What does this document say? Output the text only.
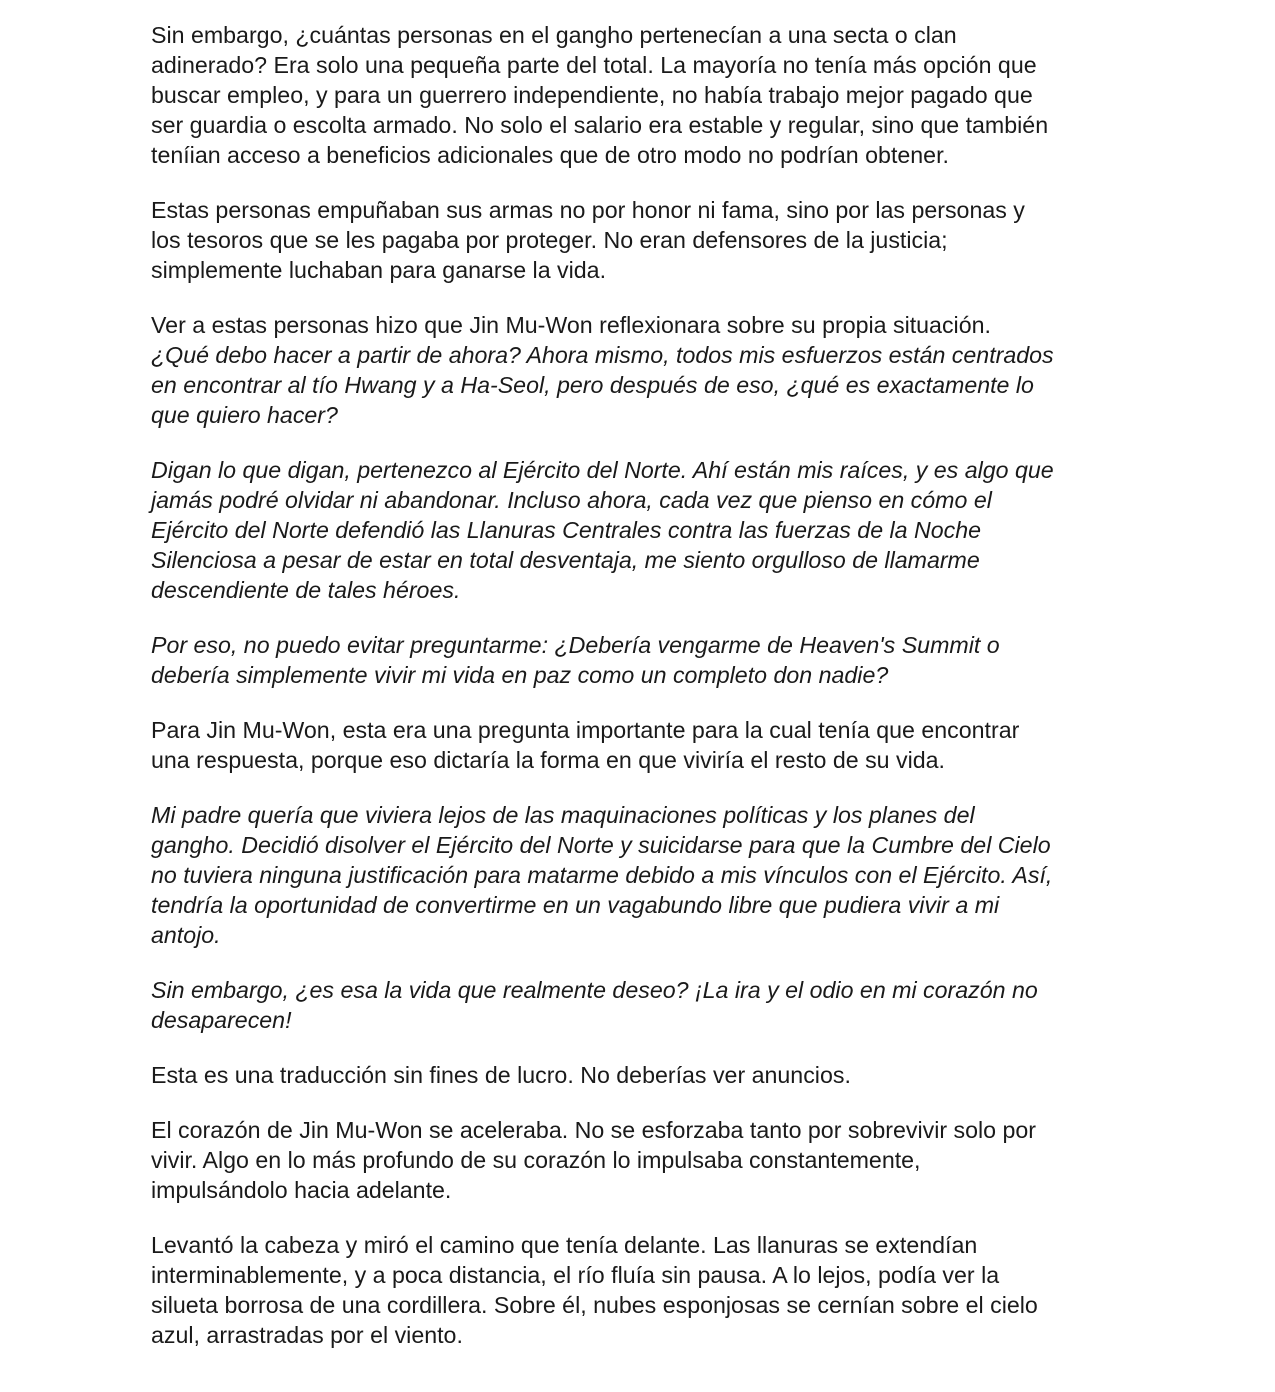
Sin embargo, ¿cuántas personas en el gangho pertenecían a una secta o clan
adinerado? Era solo una pequeña parte del total. La mayoría no tenía más opción que
buscar empleo, y para un guerrero independiente, no había trabajo mejor pagado que
ser guardia o escolta armado. No solo el salario era estable y regular, sino que también
teníian acceso a beneficios adicionales que de otro modo no podrían obtener.

Estas personas empuñaban sus armas no por honor ni fama, sino por las personas y
los tesoros que se les pagaba por proteger. No eran defensores de la justicia;
simplemente luchaban para ganarse la vida.

Ver a estas personas hizo que Jin Mu-Won reflexionara sobre su propia situación.
¿Qué debo hacer a partir de ahora? Ahora mismo, todos mis esfuerzos están centrados
en encontrar al tío Hwang y a Ha-Seol, pero después de eso, ¿qué es exactamente lo
que quiero hacer?

Digan lo que digan, pertenezco al Ejército del Norte. Ahí están mis raíces, y es algo que
jamás podré olvidar ni abandonar. Incluso ahora, cada vez que pienso en cómo el
Ejército del Norte defendió las Llanuras Centrales contra las fuerzas de la Noche
Silenciosa a pesar de estar en total desventaja, me siento orgulloso de llamarme
descendiente de tales héroes.

Por eso, no puedo evitar preguntarme: ¿Debería vengarme de Heaven's Summit o
debería simplemente vivir mi vida en paz como un completo don nadie?

Para Jin Mu-Won, esta era una pregunta importante para la cual tenía que encontrar
una respuesta, porque eso dictaría la forma en que viviría el resto de su vida.

Mi padre quería que viviera lejos de las maquinaciones políticas y los planes del
gangho. Decidió disolver el Ejército del Norte y suicidarse para que la Cumbre del Cielo
no tuviera ninguna justificación para matarme debido a mis vínculos con el Ejército. Así,
tendría la oportunidad de convertirme en un vagabundo libre que pudiera vivir a mi
antojo.

Sin embargo, ¿es esa la vida que realmente deseo? ¡La ira y el odio en mi corazón no
desaparecen!

Esta es una traducción sin fines de lucro. No deberías ver anuncios.

El corazón de Jin Mu-Won se aceleraba. No se esforzaba tanto por sobrevivir solo por
vivir. Algo en lo más profundo de su corazón lo impulsaba constantemente,
impulsándolo hacia adelante.

Levantó la cabeza y miró el camino que tenía delante. Las llanuras se extendían
interminablemente, y a poca distancia, el río fluía sin pausa. A lo lejos, podía ver la
silueta borrosa de una cordillera. Sobre él, nubes esponjosas se cernían sobre el cielo
azul, arrastradas por el viento.
